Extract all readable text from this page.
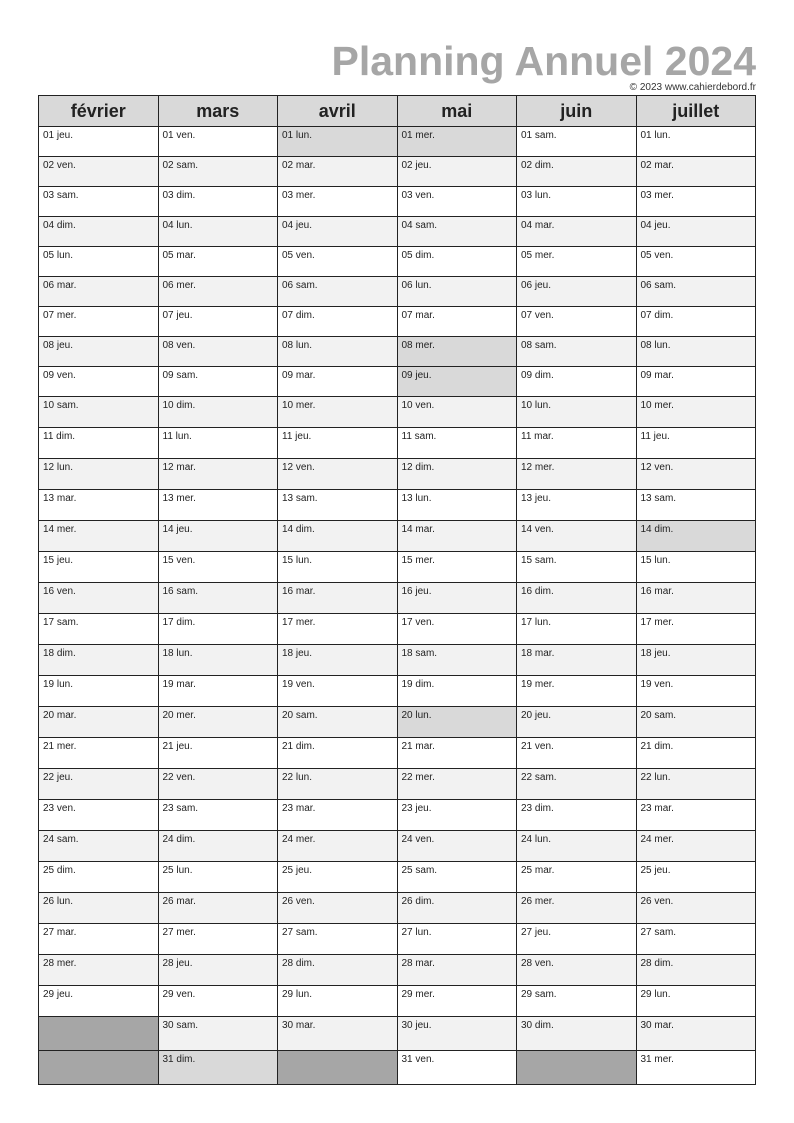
Planning Annuel 2024
© 2023 www.cahierdebord.fr
février	mars	avril	mai	juin	juillet
01 jeu.	01 ven.	01 lun.	01 mer.	01 sam.	01 lun.
02 ven.	02 sam.	02 mar.	02 jeu.	02 dim.	02 mar.
03 sam.	03 dim.	03 mer.	03 ven.	03 lun.	03 mer.
04 dim.	04 lun.	04 jeu.	04 sam.	04 mar.	04 jeu.
05 lun.	05 mar.	05 ven.	05 dim.	05 mer.	05 ven.
06 mar.	06 mer.	06 sam.	06 lun.	06 jeu.	06 sam.
07 mer.	07 jeu.	07 dim.	07 mar.	07 ven.	07 dim.
08 jeu.	08 ven.	08 lun.	08 mer.	08 sam.	08 lun.
09 ven.	09 sam.	09 mar.	09 jeu.	09 dim.	09 mar.
10 sam.	10 dim.	10 mer.	10 ven.	10 lun.	10 mer.
11 dim.	11 lun.	11 jeu.	11 sam.	11 mar.	11 jeu.
12 lun.	12 mar.	12 ven.	12 dim.	12 mer.	12 ven.
13 mar.	13 mer.	13 sam.	13 lun.	13 jeu.	13 sam.
14 mer.	14 jeu.	14 dim.	14 mar.	14 ven.	14 dim.
15 jeu.	15 ven.	15 lun.	15 mer.	15 sam.	15 lun.
16 ven.	16 sam.	16 mar.	16 jeu.	16 dim.	16 mar.
17 sam.	17 dim.	17 mer.	17 ven.	17 lun.	17 mer.
18 dim.	18 lun.	18 jeu.	18 sam.	18 mar.	18 jeu.
19 lun.	19 mar.	19 ven.	19 dim.	19 mer.	19 ven.
20 mar.	20 mer.	20 sam.	20 lun.	20 jeu.	20 sam.
21 mer.	21 jeu.	21 dim.	21 mar.	21 ven.	21 dim.
22 jeu.	22 ven.	22 lun.	22 mer.	22 sam.	22 lun.
23 ven.	23 sam.	23 mar.	23 jeu.	23 dim.	23 mar.
24 sam.	24 dim.	24 mer.	24 ven.	24 lun.	24 mer.
25 dim.	25 lun.	25 jeu.	25 sam.	25 mar.	25 jeu.
26 lun.	26 mar.	26 ven.	26 dim.	26 mer.	26 ven.
27 mar.	27 mer.	27 sam.	27 lun.	27 jeu.	27 sam.
28 mer.	28 jeu.	28 dim.	28 mar.	28 ven.	28 dim.
29 jeu.	29 ven.	29 lun.	29 mer.	29 sam.	29 lun.
	30 sam.	30 mar.	30 jeu.	30 dim.	30 mar.
	31 dim.		31 ven.		31 mer.
